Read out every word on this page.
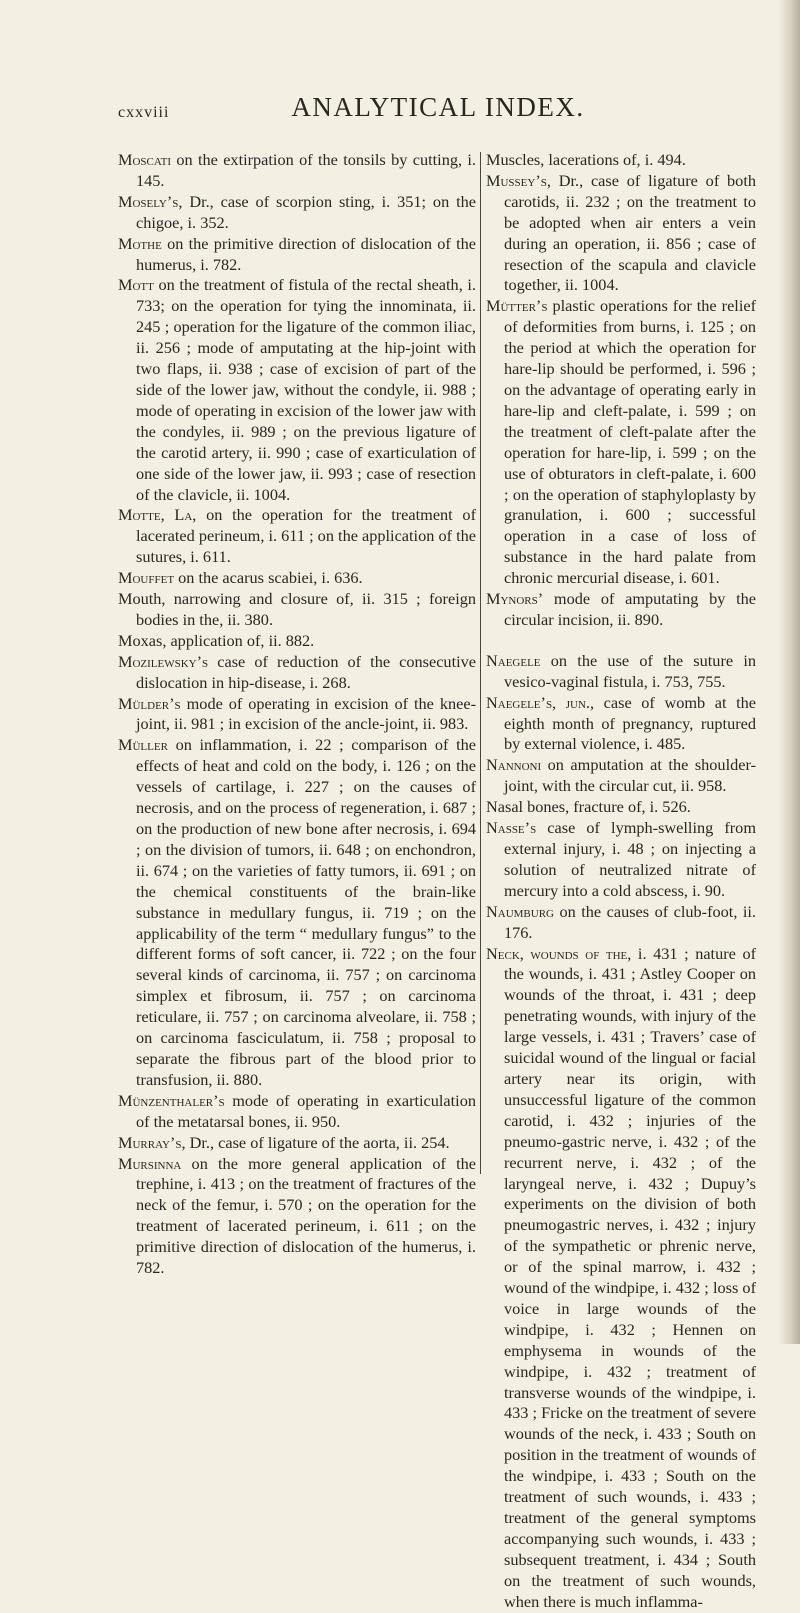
cxxviii	ANALYTICAL INDEX.

Moscati on the extirpation of the tonsils by cutting, i. 145.

Mosely’s, Dr., case of scorpion sting, i. 351; on the chigoe, i. 352.

Mothe on the primitive direction of dislocation of the humerus, i. 782.

Mott on the treatment of fistula of the rectal sheath, i. 733; on the operation for tying the innominata, ii. 245 ; operation for the ligature of the common iliac, ii. 256 ; mode of amputating at the hip-joint with two flaps, ii. 938 ; case of excision of part of the side of the lower jaw, without the condyle, ii. 988 ; mode of operating in excision of the lower jaw with the condyles, ii. 989 ; on the previous ligature of the carotid artery, ii. 990 ; case of exarticulation of one side of the lower jaw, ii. 993 ; case of resection of the clavicle, ii. 1004.

Motte, La, on the operation for the treatment of lacerated perineum, i. 611 ; on the application of the sutures, i. 611.

Mouffet on the acarus scabiei, i. 636.

Mouth, narrowing and closure of, ii. 315 ; foreign bodies in the, ii. 380.

Moxas, application of, ii. 882.

Mozilewsky’s case of reduction of the consecutive dislocation in hip-disease, i. 268.

Mülder’s mode of operating in excision of the knee-joint, ii. 981 ; in excision of the ancle-joint, ii. 983.

Müller on inflammation, i. 22 ; comparison of the effects of heat and cold on the body, i. 126 ; on the vessels of cartilage, i. 227 ; on the causes of necrosis, and on the process of regeneration, i. 687 ; on the production of new bone after necrosis, i. 694 ; on the division of tumors, ii. 648 ; on enchondron, ii. 674 ; on the varieties of fatty tumors, ii. 691 ; on the chemical constituents of the brain-like substance in medullary fungus, ii. 719 ; on the applicability of the term “ medullary fungus” to the different forms of soft cancer, ii. 722 ; on the four several kinds of carcinoma, ii. 757 ; on carcinoma simplex et fibrosum, ii. 757 ; on carcinoma reticulare, ii. 757 ; on carcinoma alveolare, ii. 758 ; on carcinoma fasciculatum, ii. 758 ; proposal to separate the fibrous part of the blood prior to transfusion, ii. 880.

Münzenthaler’s mode of operating in exarticulation of the metatarsal bones, ii. 950.

Murray’s, Dr., case of ligature of the aorta, ii. 254.

Mursinna on the more general application of the trephine, i. 413 ; on the treatment of fractures of the neck of the femur, i. 570 ; on the operation for the treatment of lacerated perineum, i. 611 ; on the primitive direction of dislocation of the humerus, i. 782.

Muscles, lacerations of, i. 494.

Mussey’s, Dr., case of ligature of both carotids, ii. 232 ; on the treatment to be adopted when air enters a vein during an operation, ii. 856 ; case of resection of the scapula and clavicle together, ii. 1004.

Mütter’s plastic operations for the relief of deformities from burns, i. 125 ; on the period at which the operation for hare-lip should be performed, i. 596 ; on the advantage of operating early in hare-lip and cleft-palate, i. 599 ; on the treatment of cleft-palate after the operation for hare-lip, i. 599 ; on the use of obturators in cleft-palate, i. 600 ; on the operation of staphyloplasty by granulation, i. 600 ; successful operation in a case of loss of substance in the hard palate from chronic mercurial disease, i. 601.

Mynors’ mode of amputating by the circular incision, ii. 890.

Naegele on the use of the suture in vesico-vaginal fistula, i. 753, 755.

Naegele’s, jun., case of womb at the eighth month of pregnancy, ruptured by external violence, i. 485.

Nannoni on amputation at the shoulder-joint, with the circular cut, ii. 958.

Nasal bones, fracture of, i. 526.

Nasse’s case of lymph-swelling from external injury, i. 48 ; on injecting a solution of neutralized nitrate of mercury into a cold abscess, i. 90.

Naumburg on the causes of club-foot, ii. 176.

Neck, wounds of the, i. 431 ; nature of the wounds, i. 431 ; Astley Cooper on wounds of the throat, i. 431 ; deep penetrating wounds, with injury of the large vessels, i. 431 ; Travers’ case of suicidal wound of the lingual or facial artery near its origin, with unsuccessful ligature of the common carotid, i. 432 ; injuries of the pneumo-gastric nerve, i. 432 ; of the recurrent nerve, i. 432 ; of the laryngeal nerve, i. 432 ; Dupuy’s experiments on the division of both pneumogastric nerves, i. 432 ; injury of the sympathetic or phrenic nerve, or of the spinal marrow, i. 432 ; wound of the windpipe, i. 432 ; loss of voice in large wounds of the windpipe, i. 432 ; Hennen on emphysema in wounds of the windpipe, i. 432 ; treatment of transverse wounds of the windpipe, i. 433 ; Fricke on the treatment of severe wounds of the neck, i. 433 ; South on position in the treatment of wounds of the windpipe, i. 433 ; South on the treatment of such wounds, i. 433 ; treatment of the general symptoms accompanying such wounds, i. 433 ; subsequent treatment, i. 434 ; South on the treatment of such wounds, when there is much inflamma-
